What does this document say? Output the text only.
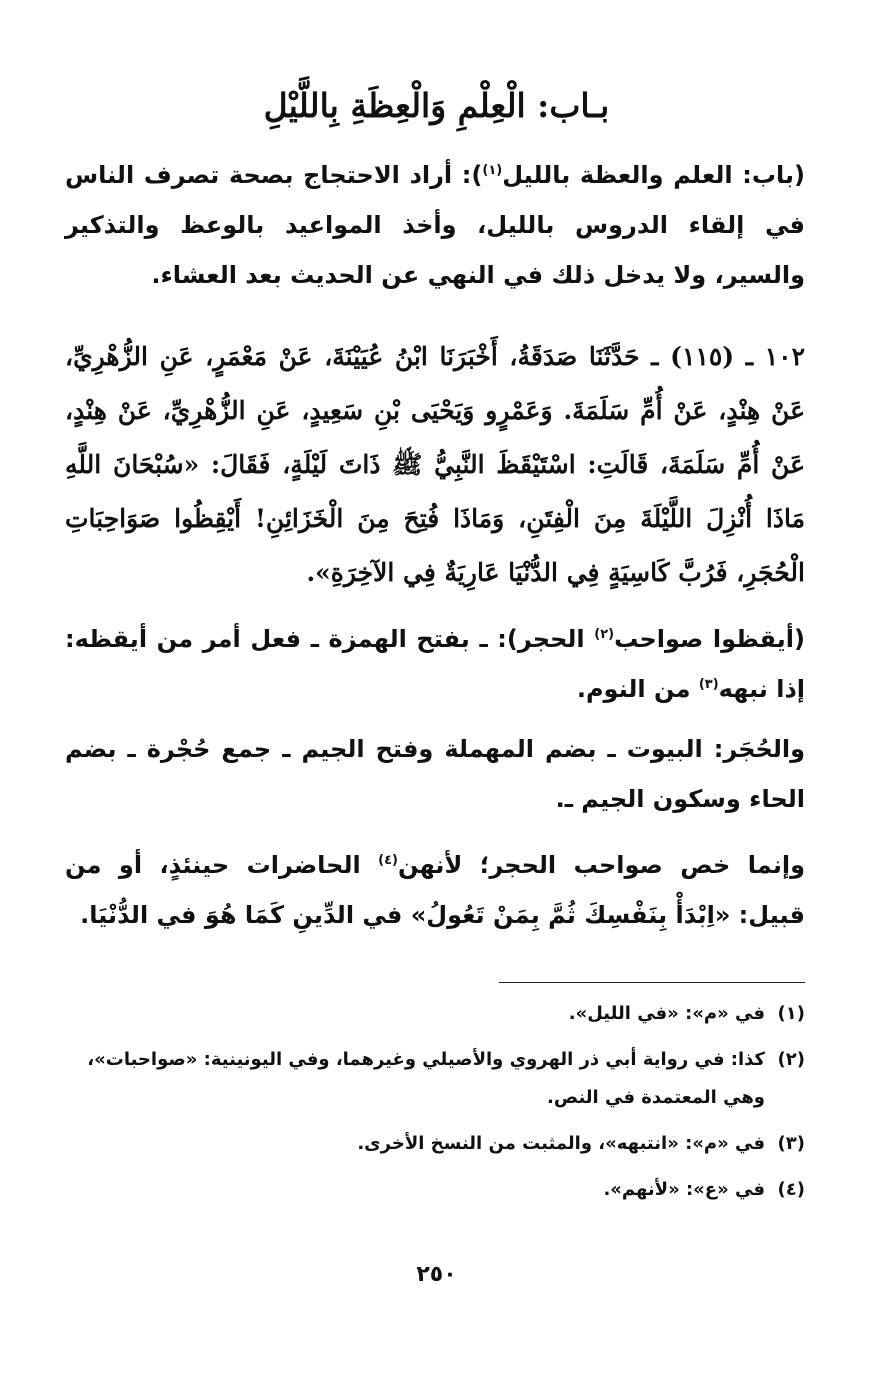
بـاب: الْعِلْمِ وَالْعِظَةِ بِاللَّيْلِ
(باب: العلم والعظة بالليل$^{(١)}$): أراد الاحتجاج بصحة تصرف الناس في إلقاء الدروس بالليل، وأخذ المواعيد بالوعظ والتذكير والسير، ولا يدخل ذلك في النهي عن الحديث بعد العشاء.
١٠٢ ـ (١١٥) ـ حَدَّثَنَا صَدَقَةُ، أَخْبَرَنَا ابْنُ عُيَيْنَةَ، عَنْ مَعْمَرٍ، عَنِ الزُّهْرِيِّ، عَنْ هِنْدٍ، عَنْ أُمِّ سَلَمَةَ. وَعَمْرٍو وَيَحْيَى بْنِ سَعِيدٍ، عَنِ الزُّهْرِيِّ، عَنْ هِنْدٍ، عَنْ أُمِّ سَلَمَةَ، قَالَتِ: اسْتَيْقَظَ النَّبِيُّ ﷺ ذَاتَ لَيْلَةٍ، فَقَالَ: «سُبْحَانَ اللَّهِ مَاذَا أُنْزِلَ اللَّيْلَةَ مِنَ الْفِتَنِ، وَمَاذَا فُتِحَ مِنَ الْخَزَائِنِ! أَيْقِظُوا صَوَاحِبَاتِ الْحُجَرِ، فَرُبَّ كَاسِيَةٍ فِي الدُّنْيَا عَارِيَةٌ فِي الآخِرَةِ».
(أيقظوا صواحب$^{(٢)}$ الحجر): ـ بفتح الهمزة ـ فعل أمر من أيقظه: إذا نبهه$^{(٣)}$ من النوم.
والحُجَر: البيوت ـ بضم المهملة وفتح الجيم ـ جمع حُجْرة ـ بضم الحاء وسكون الجيم ـ.
وإنما خص صواحب الحجر؛ لأنهن$^{(٤)}$ الحاضرات حينئذٍ، أو من قبيل: «اِبْدَأْ بِنَفْسِكَ ثُمَّ بِمَنْ تَعُولُ» في الدِّينِ كَمَا هُوَ في الدُّنْيَا.
(١)
في «م»: «في الليل».
(٢)
كذا: في رواية أبي ذر الهروي والأصيلي وغيرهما، وفي اليونينية: «صواحبات»، وهي المعتمدة في النص.
(٣)
في «م»: «انتبهه»، والمثبت من النسخ الأخرى.
(٤)
في «ع»: «لأنهم».
٢٥٠
